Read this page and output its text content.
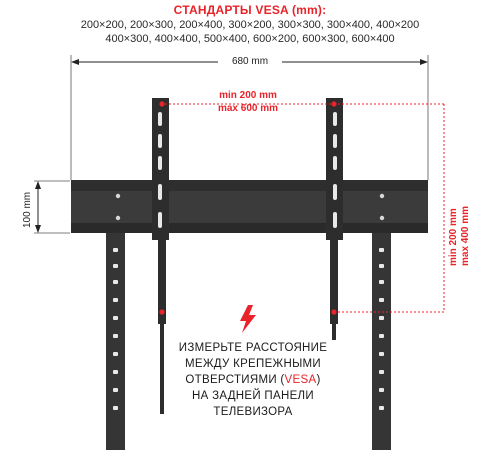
СТАНДАРТЫ VESA (mm):
200×200, 200×300, 200×400, 300×200, 300×300, 300×400, 400×200
400×300, 400×400, 500×400, 600×200, 600×300, 600×400
680 mm
100 mm
min 200 mm
max 600 mm
min 200 mm max 400 mm
ИЗМЕРЬТЕ РАССТОЯНИЕ
МЕЖДУ КРЕПЕЖНЫМИ
ОТВЕРСТИЯМИ (VESA)
НА ЗАДНЕЙ ПАНЕЛИ
ТЕЛЕВИЗОРА
